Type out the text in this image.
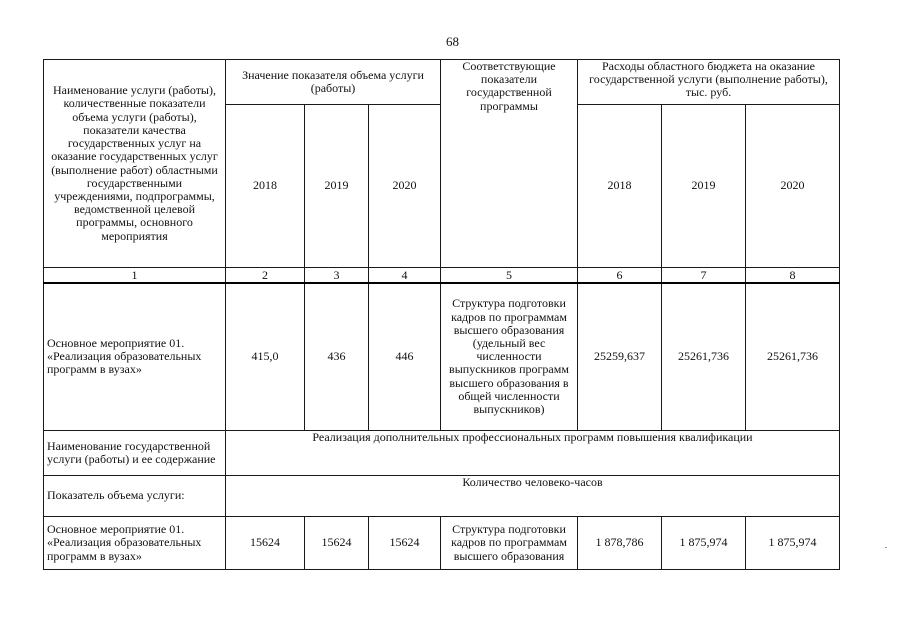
68
Наименование услуги (работы), количественные показатели объема услуги (работы), показатели качества государственных услуг на оказание государственных услуг (выполнение работ) областными государственными учреждениями, подпрограммы, ведомственной целевой программы, основного мероприятия	Значение показателя объема услуги (работы)			Соответствующие показатели государственной программы	Расходы областного бюджета на оказание государственной услуги (выполнение работы), тыс. руб.		
	2018	2019	2020		2018	2019	2020
1	2	3	4	5	6	7	8
Основное мероприятие 01. «Реализация образовательных программ в вузах»	415,0	436	446	Структура подготовки кадров по программам высшего образования (удельный вес численности выпускников программ высшего образования в общей численности выпускников)	25259,637	25261,736	25261,736
Наименование государственной услуги (работы) и ее содержание	Реализация дополнительных профессиональных программ повышения квалификации						
Показатель объема услуги:	Количество человеко-часов						
Основное мероприятие 01. «Реализация образовательных программ в вузах»	15624	15624	15624	Структура подготовки кадров по программам высшего образования	1 878,786	1 875,974	1 875,974
